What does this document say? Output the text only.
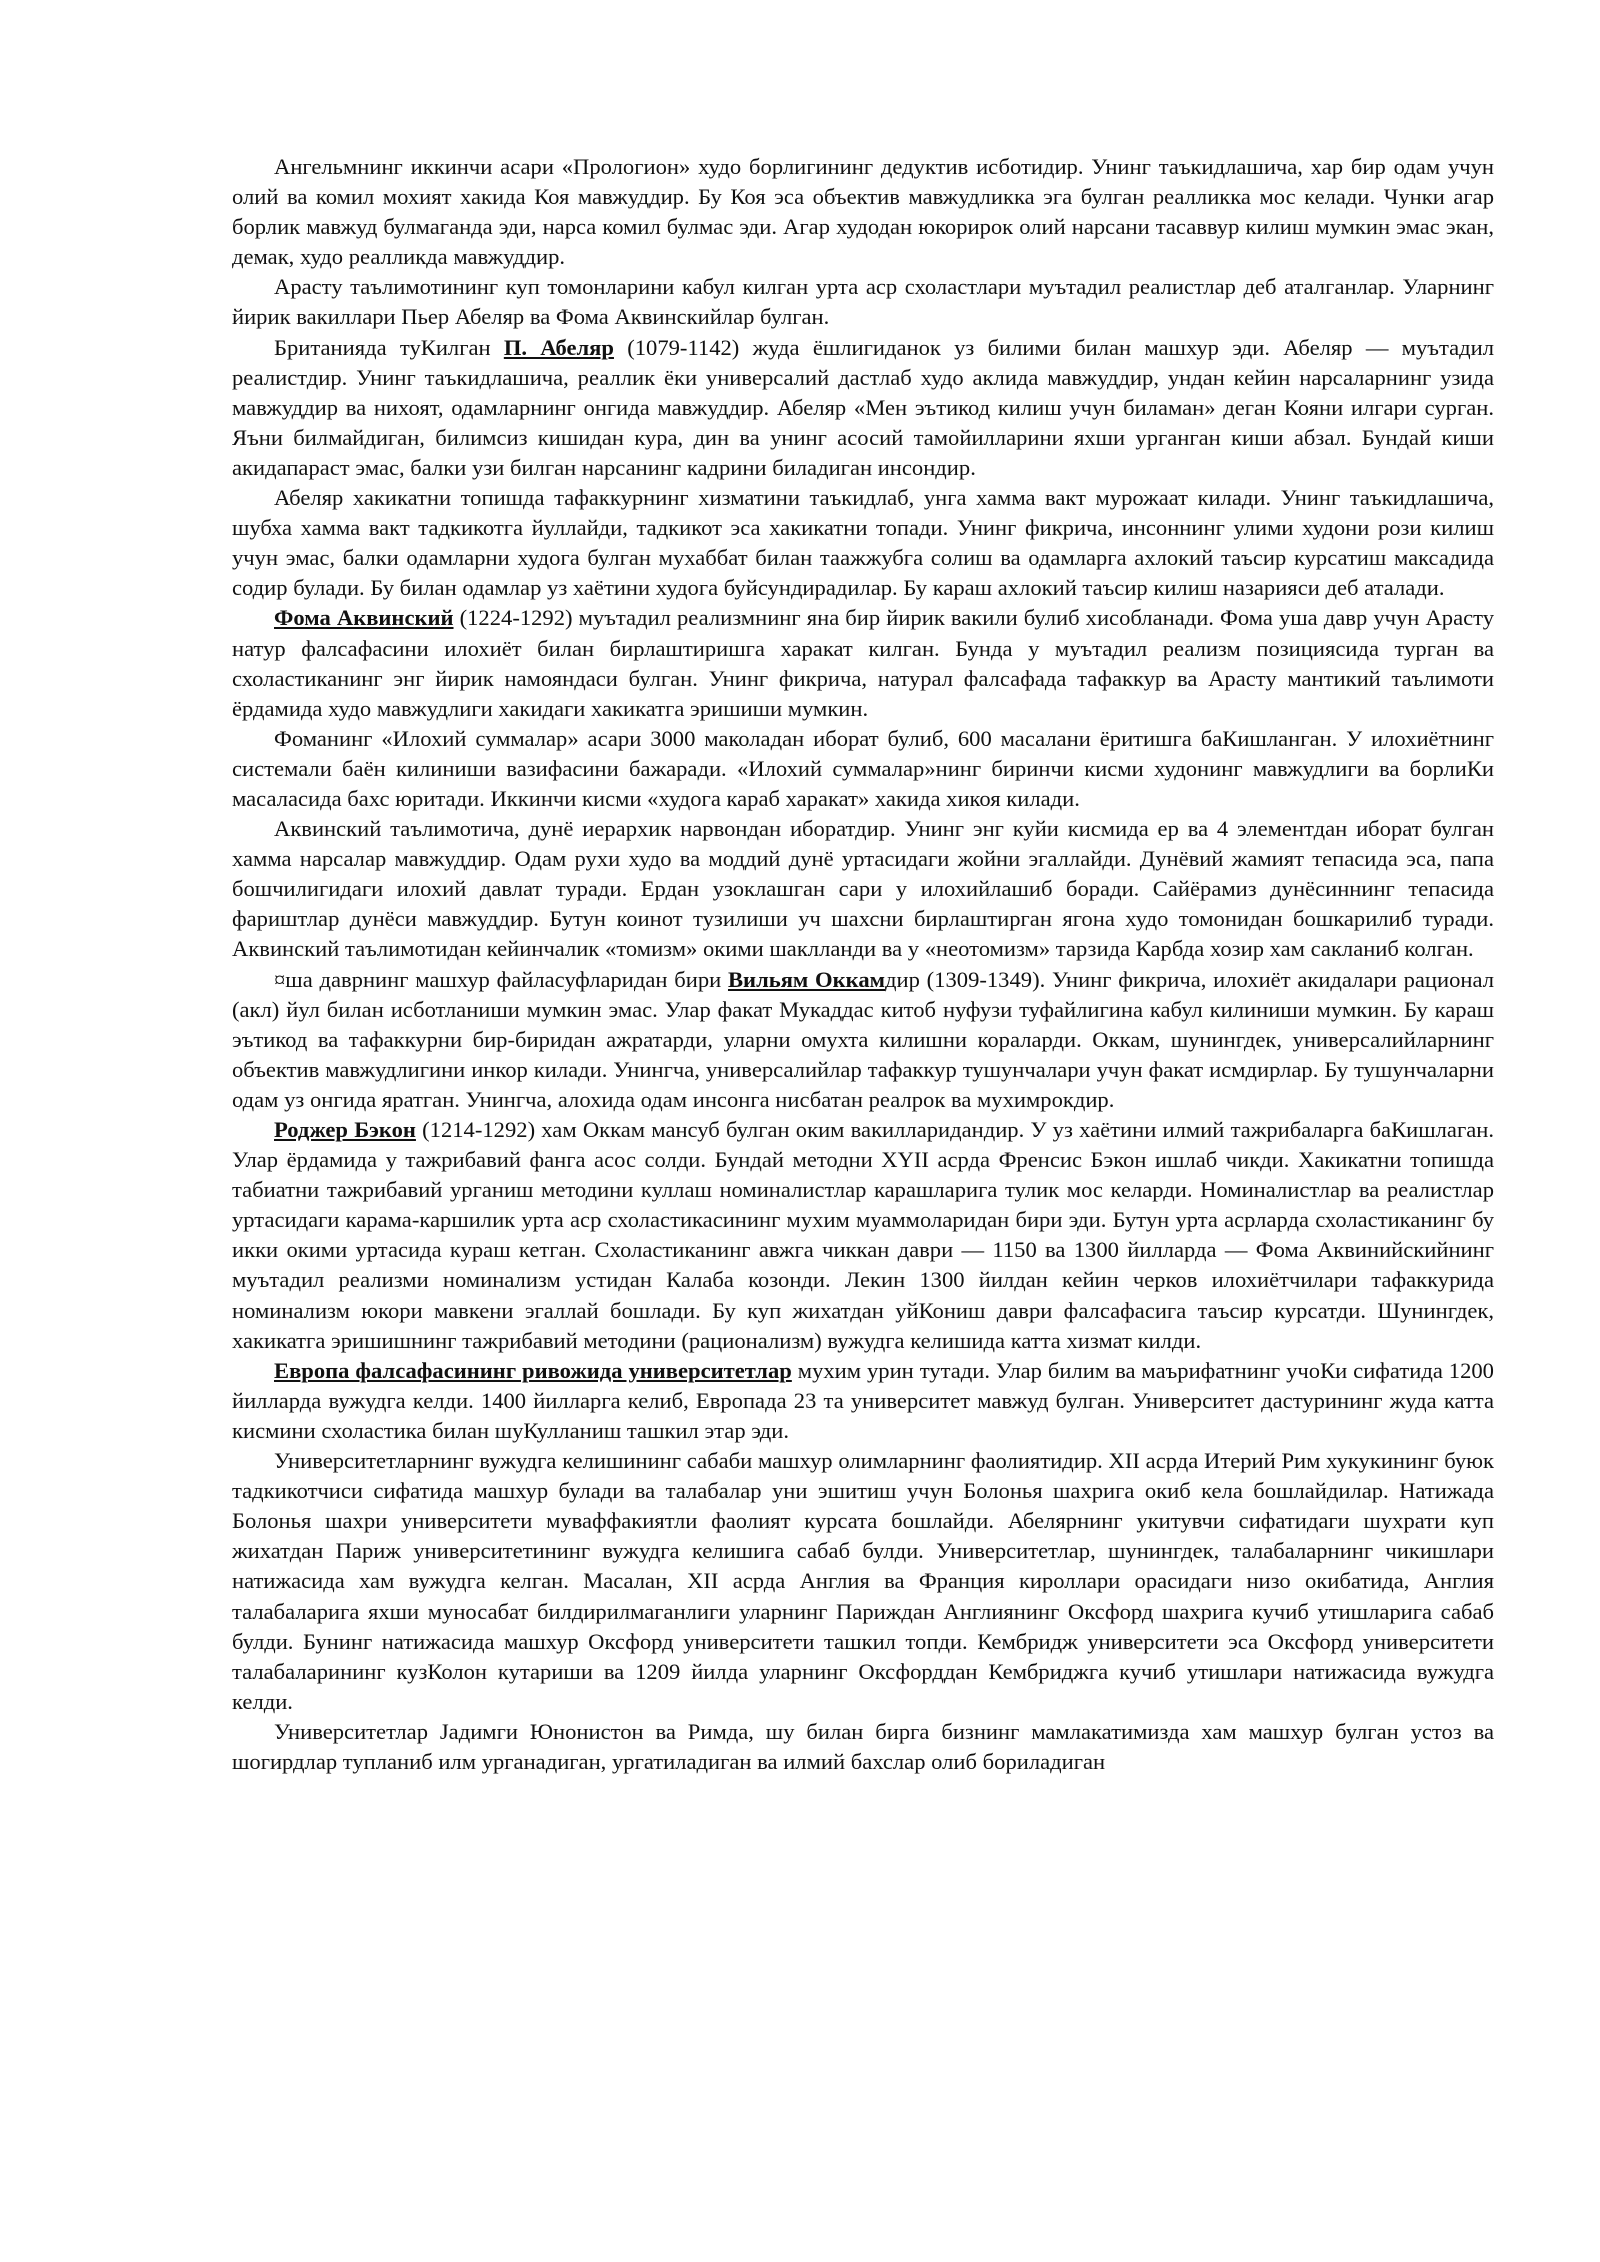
Ангельмнинг иккинчи асари «Прологион» худо борлигининг дедуктив исботидир. Унинг таъкидлашича, хар бир одам учун олий ва комил мохият хакида Коя мавжуддир. Бу Коя эса объектив мавжудликка эга булган реалликка мос келади. Чунки агар борлик мавжуд булмаганда эди, нарса комил булмас эди. Агар худодан юкорирок олий нарсани тасаввур килиш мумкин эмас экан, демак, худо реалликда мавжуддир.

Арасту таълимотининг куп томонларини кабул килган урта аср схоластлари муътадил реалистлар деб аталганлар. Уларнинг йирик вакиллари Пьер Абеляр ва Фома Аквинскийлар булган.

Британияда туКилган П. Абеляр (1079-1142) жуда ёшлигиданок уз билими билан машхур эди. Абеляр — муътадил реалистдир. Унинг таъкидлашича, реаллик ёки универсалий дастлаб худо аклида мавжуддир, ундан кейин нарсаларнинг узида мавжуддир ва нихоят, одамларнинг онгида мавжуддир. Абеляр «Мен эътикод килиш учун биламан» деган Кояни илгари сурган. Яъни билмайдиган, билимсиз кишидан кура, дин ва унинг асосий тамойилларини яхши урганган киши абзал. Бундай киши акидапараст эмас, балки узи билган нарсанинг кадрини биладиган инсондир.

Абеляр хакикатни топишда тафаккурнинг хизматини таъкидлаб, унга хамма вакт мурожаат килади. Унинг таъкидлашича, шубха хамма вакт тадкикотга йуллайди, тадкикот эса хакикатни топади. Унинг фикрича, инсоннинг улими худони рози килиш учун эмас, балки одамларни худога булган мухаббат билан таажжубга солиш ва одамларга ахлокий таъсир курсатиш максадида содир булади. Бу билан одамлар уз хаётини худога буйсундирадилар. Бу караш ахлокий таъсир килиш назарияси деб аталади.

Фома Аквинский (1224-1292) муътадил реализмнинг яна бир йирик вакили булиб хисобланади. Фома уша давр учун Арасту натур фалсафасини илохиёт билан бирлаштиришга харакат килган. Бунда у муътадил реализм позициясида турган ва схоластиканинг энг йирик намояндаси булган. Унинг фикрича, натурал фалсафада тафаккур ва Арасту мантикий таълимоти ёрдамида худо мавжудлиги хакидаги хакикатга эришиши мумкин.

Фоманинг «Илохий суммалар» асари 3000 маколадан иборат булиб, 600 масалани ёритишга баКишланган. У илохиётнинг системали баён килиниши вазифасини бажаради. «Илохий суммалар»нинг биринчи кисми худонинг мавжудлиги ва борлиКи масаласида бахс юритади. Иккинчи кисми «худога караб харакат» хакида хикоя килади.

Аквинский таълимотича, дунё иерархик нарвондан иборатдир. Унинг энг куйи кисмида ер ва 4 элементдан иборат булган хамма нарсалар мавжуддир. Одам рухи худо ва моддий дунё уртасидаги жойни эгаллайди. Дунёвий жамият тепасида эса, папа бошчилигидаги илохий давлат туради. Ердан узоклашган сари у илохийлашиб боради. Сайёрамиз дунёсиннинг тепасида фариштлар дунёси мавжуддир. Бутун коинот тузилиши уч шахсни бирлаштирган ягона худо томонидан бошкарилиб туради. Аквинский таълимотидан кейинчалик «томизм» окими шаклланди ва у «неотомизм» тарзида Карбда хозир хам сакланиб колган.

¤ша даврнинг машхур файласуфларидан бири Вильям Оккамдир (1309-1349). Унинг фикрича, илохиёт акидалари рационал (акл) йул билан исботланиши мумкин эмас. Улар факат Мукаддас китоб нуфузи туфайлигина кабул килиниши мумкин. Бу караш эътикод ва тафаккурни бир-биридан ажратарди, уларни омухта килишни кораларди. Оккам, шунингдек, универсалийларнинг объектив мавжудлигини инкор килади. Унингча, универсалийлар тафаккур тушунчалари учун факат исмдирлар. Бу тушунчаларни одам уз онгида яратган. Унингча, алохида одам инсонга нисбатан реалрок ва мухимрокдир.

Роджер Бэкон (1214-1292) хам Оккам мансуб булган оким вакилларидандир. У уз хаётини илмий тажрибаларга баКишлаган. Улар ёрдамида у тажрибавий фанга асос солди. Бундай методни XYII асрда Френсис Бэкон ишлаб чикди. Хакикатни топишда табиатни тажрибавий урганиш методини куллаш номиналистлар карашларига тулик мос келарди. Номиналистлар ва реалистлар уртасидаги карама-каршилик урта аср схоластикасининг мухим муаммоларидан бири эди. Бутун урта асрларда схоластиканинг бу икки окими уртасида кураш кетган. Схоластиканинг авжга чиккан даври — 1150 ва 1300 йилларда — Фома Аквинийскийнинг муътадил реализми номинализм устидан Калаба козонди. Лекин 1300 йилдан кейин черков илохиётчилари тафаккурида номинализм юкори мавкени эгаллай бошлади. Бу куп жихатдан уйКониш даври фалсафасига таъсир курсатди. Шунингдек, хакикатга эришишнинг тажрибавий методини (рационализм) вужудга келишида катта хизмат килди.

Европа фалсафасининг ривожида университетлар мухим урин тутади. Улар билим ва маърифатнинг учоКи сифатида 1200 йилларда вужудга келди. 1400 йилларга келиб, Европада 23 та университет мавжуд булган. Университет дастурининг жуда катта кисмини схоластика билан шуКулланиш ташкил этар эди.

Университетларнинг вужудга келишининг сабаби машхур олимларнинг фаолиятидир. XII асрда Итерий Рим хукукининг буюк тадкикотчиси сифатида машхур булади ва талабалар уни эшитиш учун Болонья шахрига окиб кела бошлайдилар. Натижада Болонья шахри университети муваффакиятли фаолият курсата бошлайди. Абелярнинг укитувчи сифатидаги шухрати куп жихатдан Париж университетининг вужудга келишига сабаб булди. Университетлар, шунингдек, талабаларнинг чикишлари натижасида хам вужудга келган. Масалан, XII асрда Англия ва Франция кироллари орасидаги низо окибатида, Англия талабаларига яхши муносабат билдирилмаганлиги уларнинг Париждан Англиянинг Оксфорд шахрига кучиб утишларига сабаб булди. Бунинг натижасида машхур Оксфорд университети ташкил топди. Кембридж университети эса Оксфорд университети талабаларининг кузКолон кутариши ва 1209 йилда уларнинг Оксфорддан Кембриджга кучиб утишлари натижасида вужудга келди.

Университетлар Јадимги Юнонистон ва Римда, шу билан бирга бизнинг мамлакатимизда хам машхур булган устоз ва шогирдлар тупланиб илм урганадиган, ургатиладиган ва илмий бахслар олиб бориладиган
